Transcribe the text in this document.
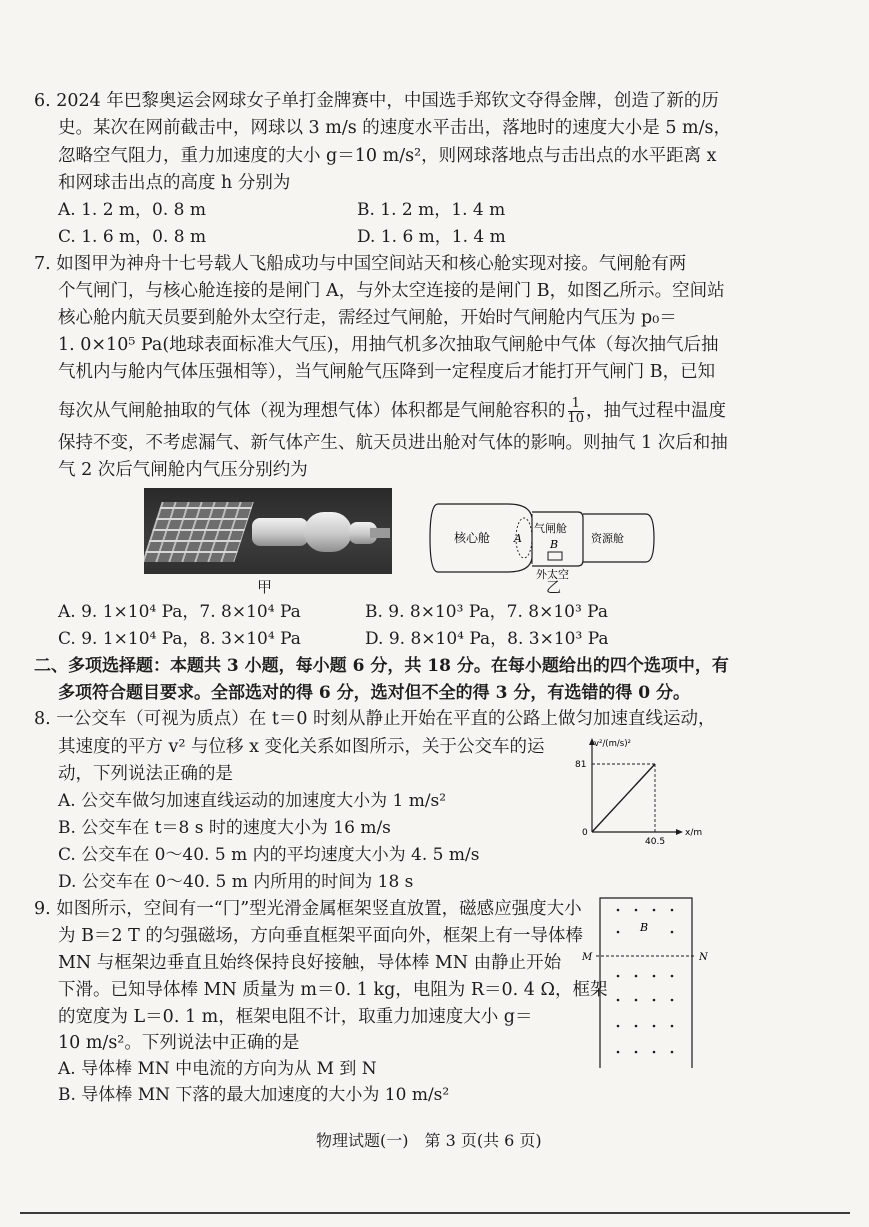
6. 2024 年巴黎奥运会网球女子单打金牌赛中，中国选手郑钦文夺得金牌，创造了新的历
史。某次在网前截击中，网球以 3 m/s 的速度水平击出，落地时的速度大小是 5 m/s，
忽略空气阻力，重力加速度的大小 g＝10 m/s²，则网球落地点与击出点的水平距离 x
和网球击出点的高度 h 分别为
A. 1. 2 m，0. 8 m	B. 1. 2 m，1. 4 m
C. 1. 6 m，0. 8 m	D. 1. 6 m，1. 4 m
7. 如图甲为神舟十七号载人飞船成功与中国空间站天和核心舱实现对接。气闸舱有两
个气闸门，与核心舱连接的是闸门 A，与外太空连接的是闸门 B，如图乙所示。空间站
核心舱内航天员要到舱外太空行走，需经过气闸舱，开始时气闸舱内气压为 p₀＝
1. 0×10⁵ Pa(地球表面标准大气压)，用抽气机多次抽取气闸舱中气体（每次抽气后抽
气机内与舱内气体压强相等），当气闸舱气压降到一定程度后才能打开气闸门 B，已知
每次从气闸舱抽取的气体（视为理想气体）体积都是气闸舱容积的 $\frac{1}{10}$ ，抽气过程中温度
保持不变，不考虑漏气、新气体产生、航天员进出舱对气体的影响。则抽气 1 次后和抽
气 2 次后气闸舱内气压分别约为
甲
核心舱 A
气闸舱
B	资源舱
外太空
乙
A. 9. 1×10⁴ Pa，7. 8×10⁴ Pa	B. 9. 8×10³ Pa，7. 8×10³ Pa
C. 9. 1×10⁴ Pa，8. 3×10⁴ Pa	D. 9. 8×10⁴ Pa，8. 3×10³ Pa
二、多项选择题：本题共 3 小题，每小题 6 分，共 18 分。在每小题给出的四个选项中，有
多项符合题目要求。全部选对的得 6 分，选对但不全的得 3 分，有选错的得 0 分。
8. 一公交车（可视为质点）在 t＝0 时刻从静止开始在平直的公路上做匀加速直线运动，
其速度的平方 v² 与位移 x 变化关系如图所示，关于公交车的运
动，下列说法正确的是
A. 公交车做匀加速直线运动的加速度大小为 1 m/s²
B. 公交车在 t＝8 s 时的速度大小为 16 m/s
C. 公交车在 0～40. 5 m 内的平均速度大小为 4. 5 m/s
D. 公交车在 0～40. 5 m 内所用的时间为 18 s
v²/(m/s)²
81
0
40.5
x/m
9. 如图所示，空间有一“冂”型光滑金属框架竖直放置，磁感应强度大小
为 B＝2 T 的匀强磁场，方向垂直框架平面向外，框架上有一导体棒
MN 与框架边垂直且始终保持良好接触，导体棒 MN 由静止开始
下滑。已知导体棒 MN 质量为 m＝0. 1 kg，电阻为 R＝0. 4 Ω，框架
的宽度为 L＝0. 1 m，框架电阻不计，取重力加速度大小 g＝
10 m/s²。下列说法中正确的是
A. 导体棒 MN 中电流的方向为从 M 到 N
B. 导体棒 MN 下落的最大加速度的大小为 10 m/s²
B
M	N
物理试题(一)　第 3 页(共 6 页)
